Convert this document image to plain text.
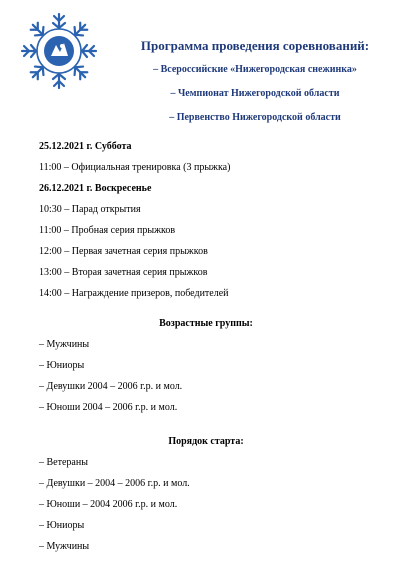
Программа проведения соревнований:
– Всероссийские «Нижегородская снежинка»
– Чемпионат Нижегородской области
– Первенство Нижегородской области
25.12.2021 г. Суббота
11:00 – Официальная тренировка (3 прыжка)
26.12.2021 г. Воскресенье
10:30 – Парад открытия
11:00 – Пробная серия прыжков
12:00 – Первая зачетная серия прыжков
13:00 – Вторая зачетная серия прыжков
14:00 – Награждение призеров, победителей
Возрастные группы:
– Мужчины
– Юниоры
– Девушки 2004 – 2006 г.р. и мол.
– Юноши 2004 – 2006 г.р. и мол.
Порядок старта:
– Ветераны
– Девушки – 2004 – 2006 г.р. и мол.
– Юноши – 2004 2006 г.р. и мол.
– Юниоры
– Мужчины
